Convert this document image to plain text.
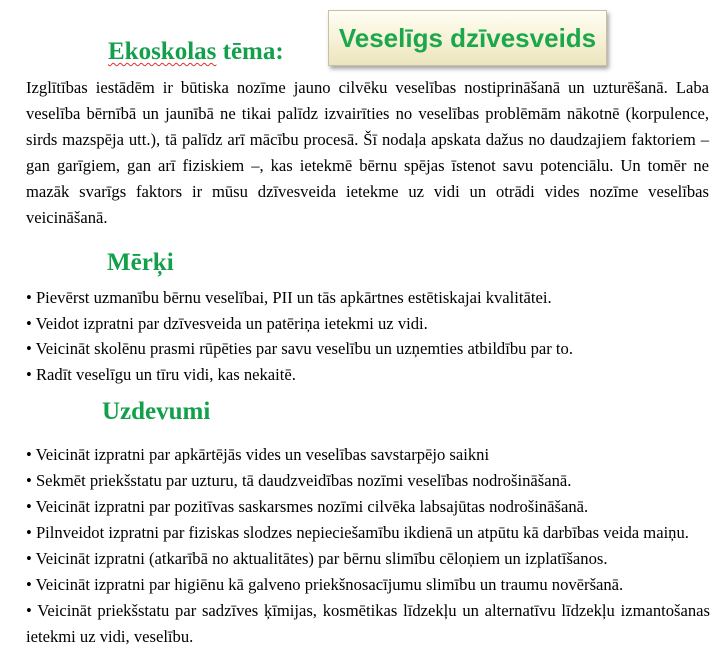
Veselīgs dzīvesveids
Ekoskolas tēma:

Izglītības iestādēm ir būtiska nozīme jauno cilvēku veselības nostiprināšanā un uzturēšanā. Laba veselība bērnībā un jaunībā ne tikai palīdz izvairīties no veselības problēmām nākotnē (korpulence, sirds mazspēja utt.), tā palīdz arī mācību procesā. Šī nodaļa apskata dažus no daudzajiem faktoriem – gan garīgiem, gan arī fiziskiem –, kas ietekmē bērnu spējas īstenot savu potenciālu. Un tomēr ne mazāk svarīgs faktors ir mūsu dzīvesveida ietekme uz vidi un otrādi vides nozīme veselības veicināšanā.

Mērķi
• Pievērst uzmanību bērnu veselībai, PII un tās apkārtnes estētiskajai kvalitātei.
• Veidot izpratni par dzīvesveida un patēriņa ietekmi uz vidi.
• Veicināt skolēnu prasmi rūpēties par savu veselību un uzņemties atbildību par to.
• Radīt veselīgu un tīru vidi, kas nekaitē.
Uzdevumi
• Veicināt izpratni par apkārtējās vides un veselības savstarpējo saikni
• Sekmēt priekšstatu par uzturu, tā daudzveidības nozīmi veselības nodrošināšanā.
• Veicināt izpratni par pozitīvas saskarsmes nozīmi cilvēka labsajūtas nodrošināšanā.
• Pilnveidot izpratni par fiziskas slodzes nepieciešamību ikdienā un atpūtu kā darbības veida maiņu.
• Veicināt izpratni (atkarībā no aktualitātes) par bērnu slimību cēloņiem un izplatīšanos.
• Veicināt izpratni par higiēnu kā galveno priekšnosacījumu slimību un traumu novēršanā.
• Veicināt priekšstatu par sadzīves ķīmijas, kosmētikas līdzekļu un alternatīvu līdzekļu izmantošanas ietekmi uz vidi, veselību.
